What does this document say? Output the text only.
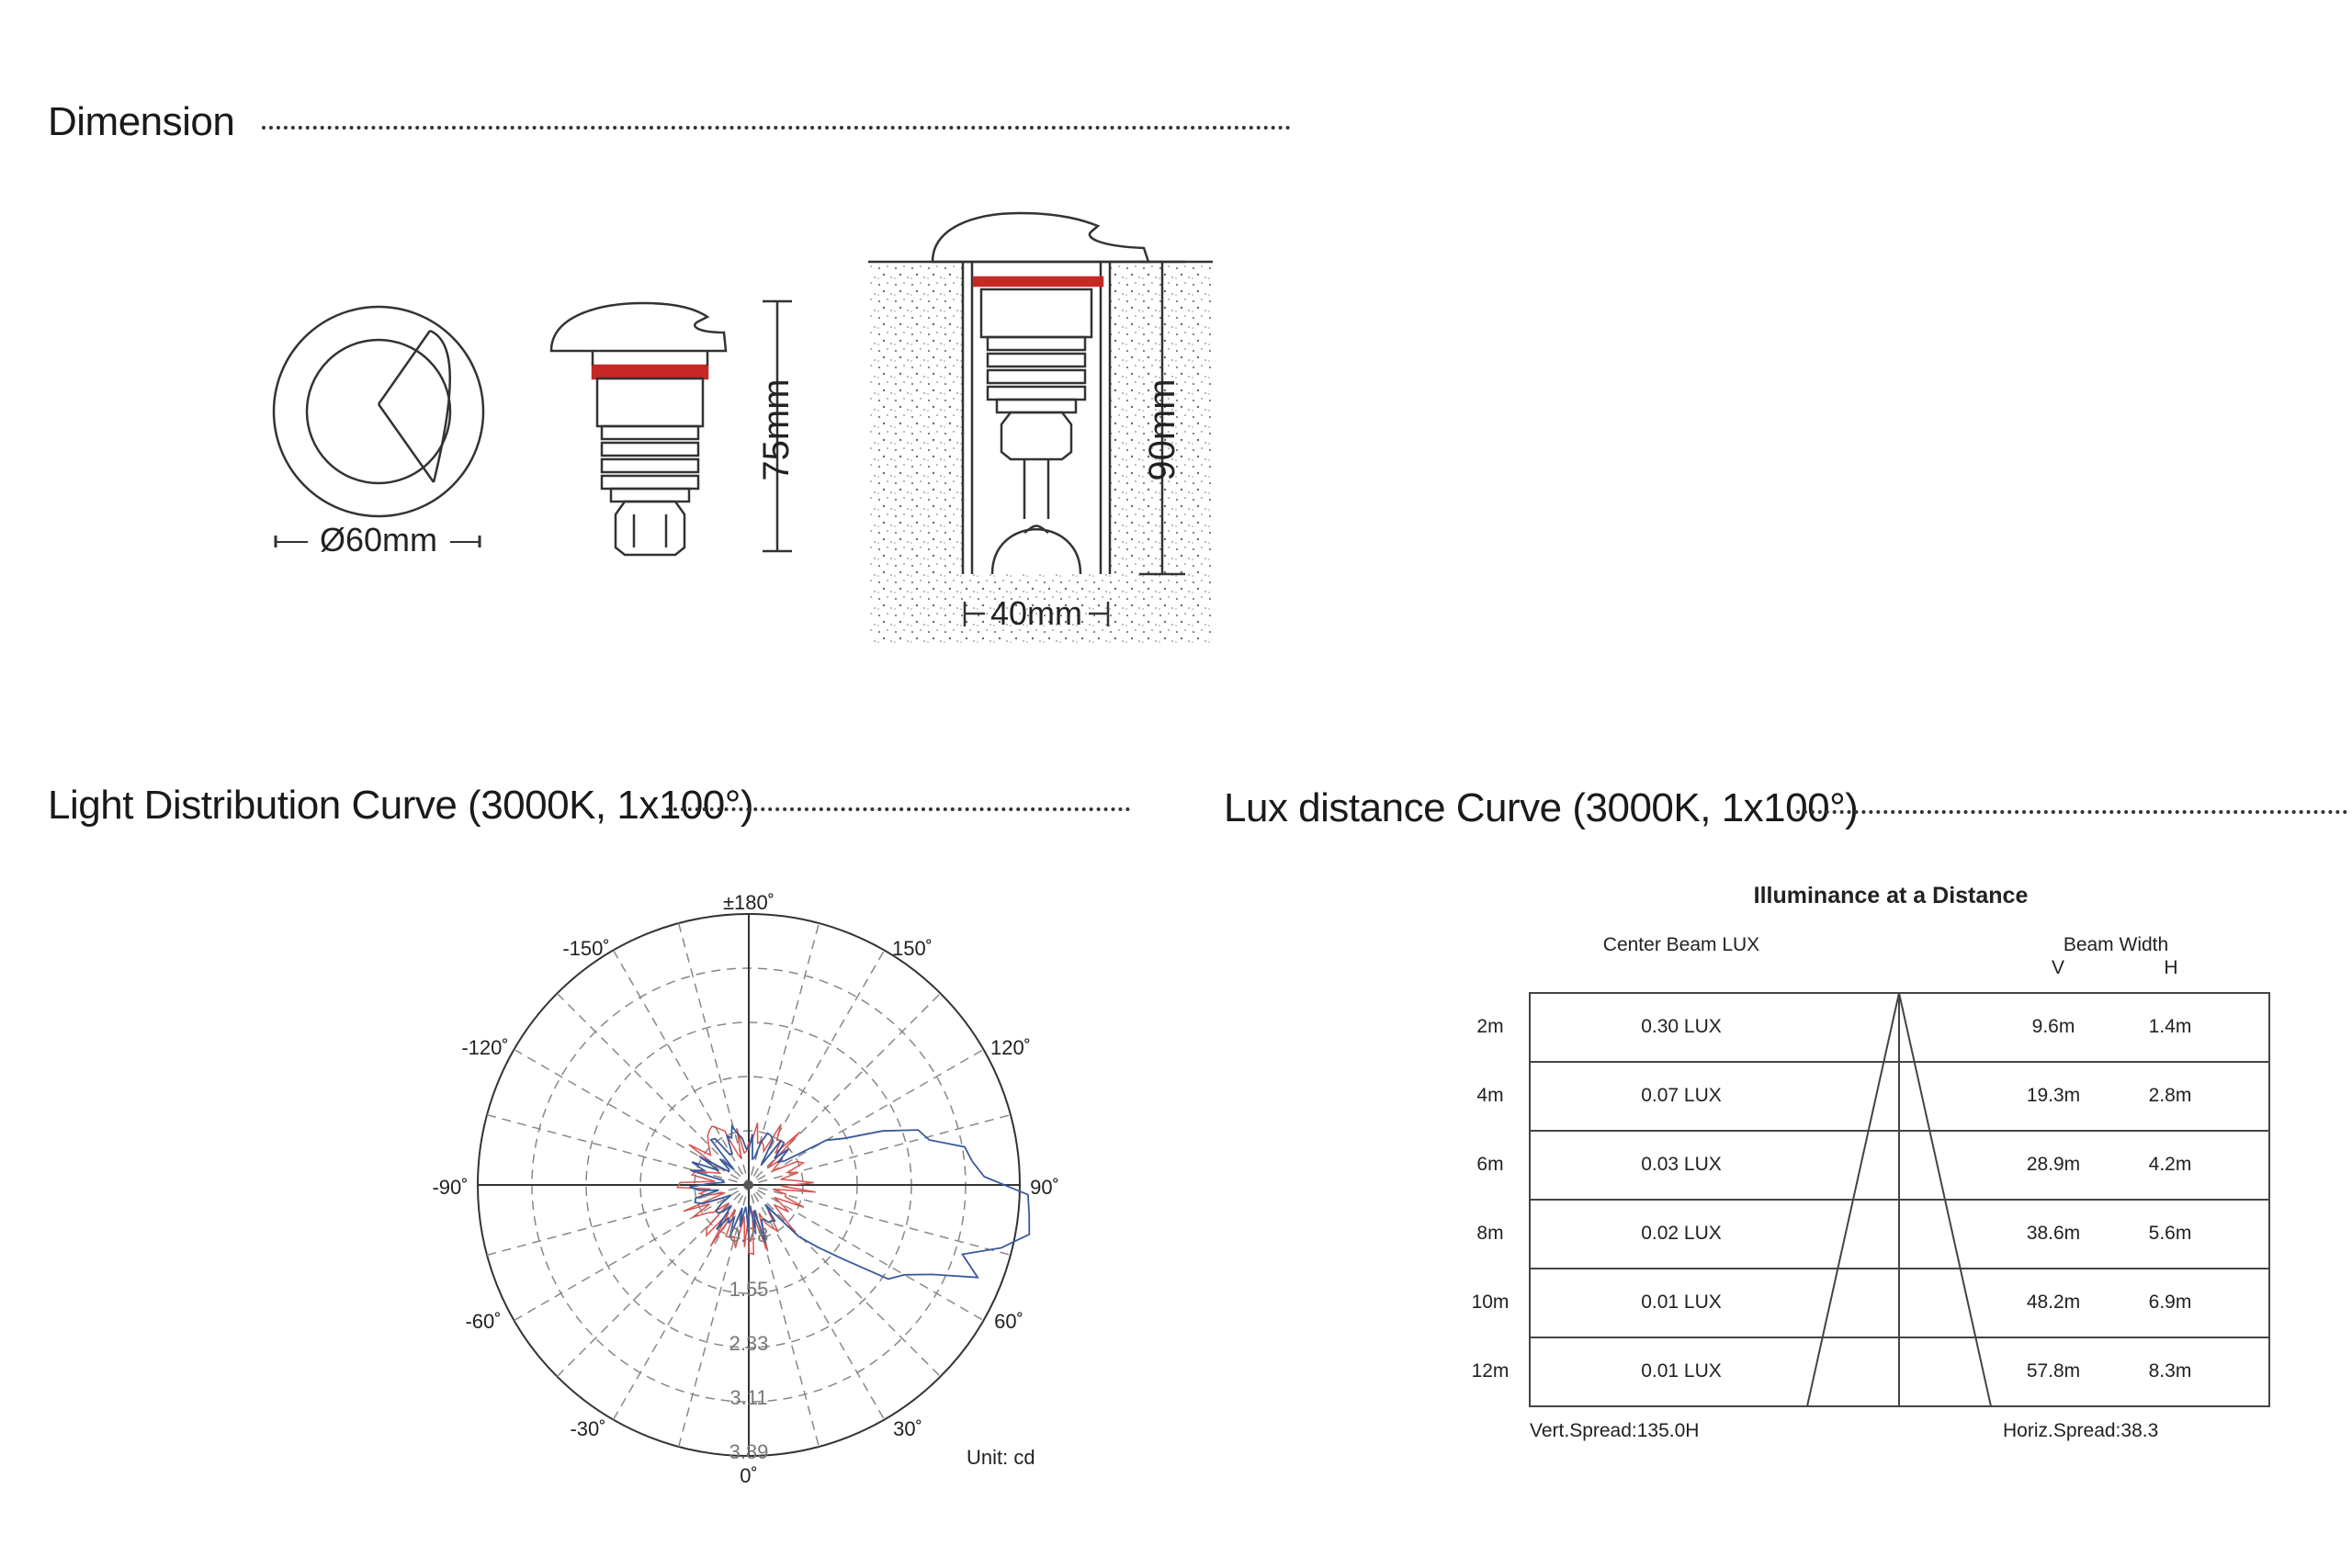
Dimension
Light Distribution Curve (3000K, 1x100°)	Lux distance Curve (3000K, 1x100°)
Ø60mm
75mm	90mm
40mm
±180˚
-150˚	150˚
-120˚	120˚
-90˚	90˚
-60˚	60˚
-30˚	30˚
0˚
0.78
1.55
2.33
3.11
3.89	Unit: cd
Illuminance at a Distance
Center Beam LUX	Beam Width
V	H
2m	0.30 LUX	9.6m	1.4m
4m	0.07 LUX	19.3m	2.8m
6m	0.03 LUX	28.9m	4.2m
8m	0.02 LUX	38.6m	5.6m
10m	0.01 LUX	48.2m	6.9m
12m	0.01 LUX	57.8m	8.3m
Vert.Spread:135.0H	Horiz.Spread:38.3
